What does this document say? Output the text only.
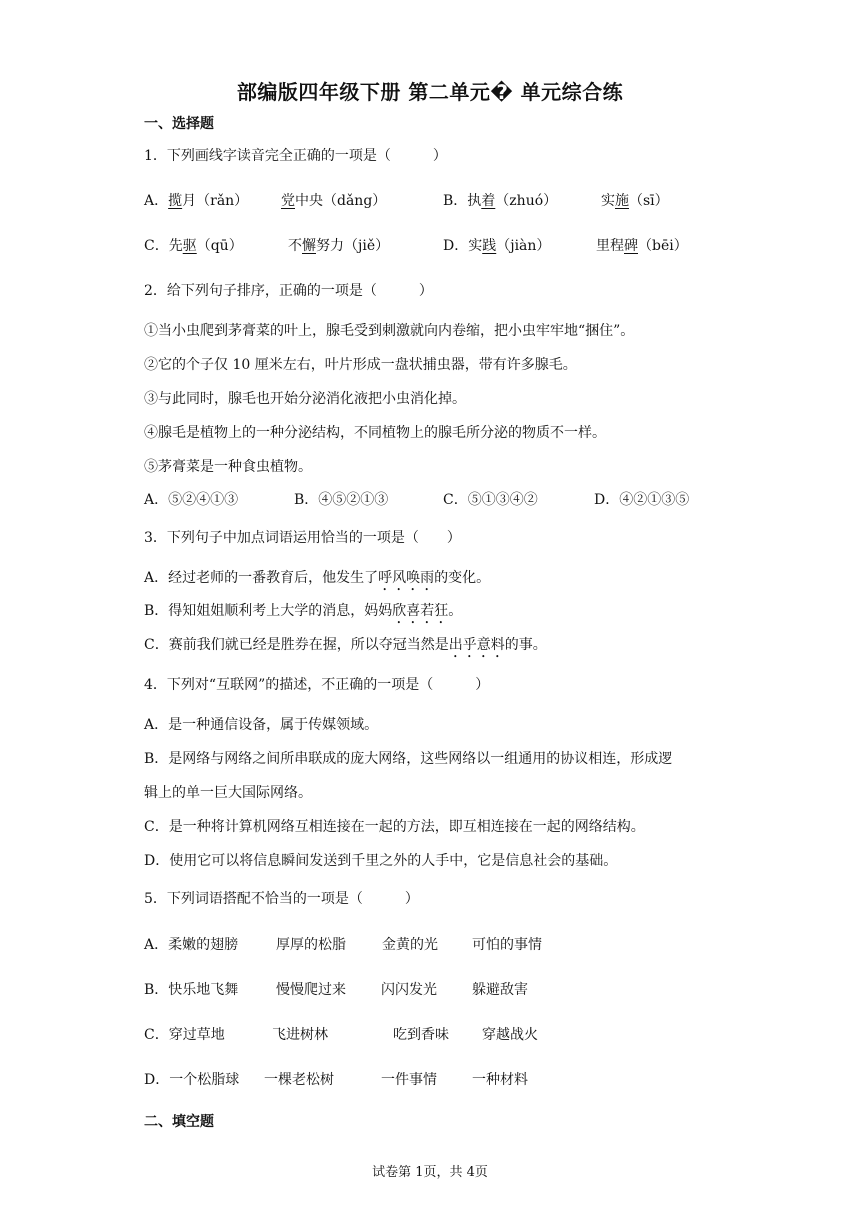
部编版四年级下册 第二单元� 单元综合练
一、选择题
1．下列画线字读音完全正确的一项是（　　　）
A．揽月（rǎn） 党中央（dǎng）	B．执着（zhuó）	实施（sī）
C．先驱（qū）	不懈努力（jiě）	D．实践（jiàn）	里程碑（bēi）
2．给下列句子排序，正确的一项是（　　　）
①当小虫爬到茅膏菜的叶上，腺毛受到刺激就向内卷缩，把小虫牢牢地“捆住”。
②它的个子仅 10 厘米左右，叶片形成一盘状捕虫器，带有许多腺毛。
③与此同时，腺毛也开始分泌消化液把小虫消化掉。
④腺毛是植物上的一种分泌结构，不同植物上的腺毛所分泌的物质不一样。
⑤茅膏菜是一种食虫植物。
A．⑤②④①③	B．④⑤②①③	C．⑤①③④②	D．④②①③⑤
3．下列句子中加点词语运用恰当的一项是（　　）
A．经过老师的一番教育后，他发生了呼风唤雨的变化。
B．得知姐姐顺利考上大学的消息，妈妈欣喜若狂。
C．赛前我们就已经是胜券在握，所以夺冠当然是出乎意料的事。
4．下列对“互联网”的描述，不正确的一项是（　　　）
A．是一种通信设备，属于传媒领域。
B．是网络与网络之间所串联成的庞大网络，这些网络以一组通用的协议相连，形成逻
辑上的单一巨大国际网络。
C．是一种将计算机网络互相连接在一起的方法，即互相连接在一起的网络结构。
D．使用它可以将信息瞬间发送到千里之外的人手中，它是信息社会的基础。
5．下列词语搭配不恰当的一项是（　　　）
A．柔嫩的翅膀	厚厚的松脂	金黄的光 可怕的事情
B．快乐地飞舞	慢慢爬过来	闪闪发光	躲避敌害
C．穿过草地	飞进树林	吃到香味 穿越战火
D．一个松脂球 一棵老松树	一件事情	一种材料
二、填空题
试卷第 1页，共 4页
